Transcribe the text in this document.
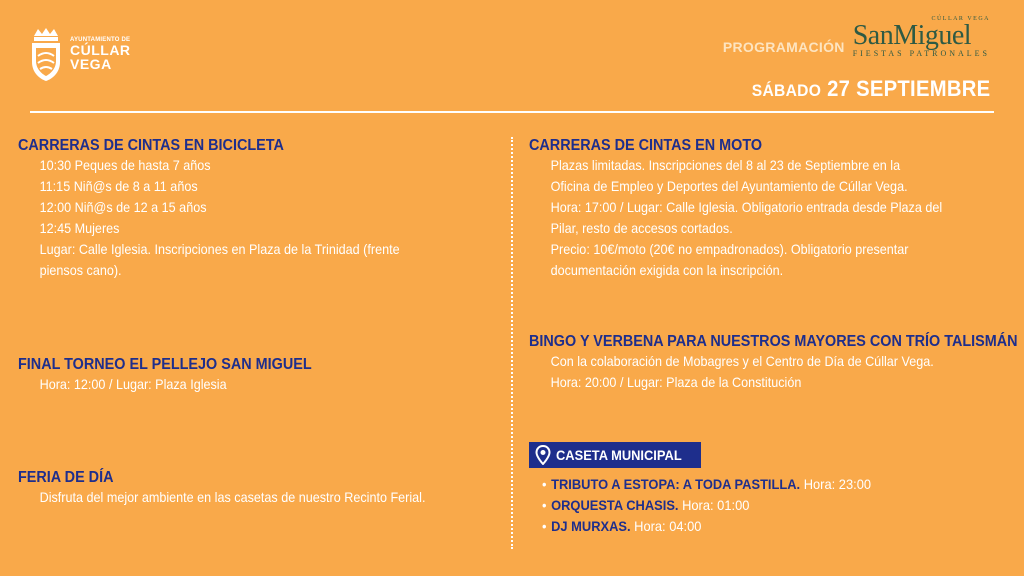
AYUNTAMIENTO DE
CÚLLAR
VEGA
PROGRAMACIÓN
CÚLLAR VEGA
SanMiguel
FIESTAS PATRONALES
SÁBADO 27 SEPTIEMBRE
CARRERAS DE CINTAS EN BICICLETA
10:30 Peques de hasta 7 años
11:15 Niñ@s de 8 a 11 años
12:00 Niñ@s de 12 a 15 años
12:45 Mujeres
Lugar: Calle Iglesia. Inscripciones en Plaza de la Trinidad (frente
piensos cano).
FINAL TORNEO EL PELLEJO SAN MIGUEL
Hora: 12:00 / Lugar: Plaza Iglesia
FERIA DE DÍA
Disfruta del mejor ambiente en las casetas de nuestro Recinto Ferial.
CARRERAS DE CINTAS EN MOTO
Plazas limitadas. Inscripciones del 8 al 23 de Septiembre en la
Oficina de Empleo y Deportes del Ayuntamiento de Cúllar Vega.
Hora: 17:00 / Lugar: Calle Iglesia. Obligatorio entrada desde Plaza del
Pilar, resto de accesos cortados.
Precio: 10€/moto (20€ no empadronados). Obligatorio presentar
documentación exigida con la inscripción.
BINGO Y VERBENA PARA NUESTROS MAYORES CON TRÍO TALISMÁN
Con la colaboración de Mobagres y el Centro de Día de Cúllar Vega.
Hora: 20:00 / Lugar: Plaza de la Constitución
CASETA MUNICIPAL
• TRIBUTO A ESTOPA: A TODA PASTILLA. Hora: 23:00
• ORQUESTA CHASIS. Hora: 01:00
• DJ MURXAS. Hora: 04:00
